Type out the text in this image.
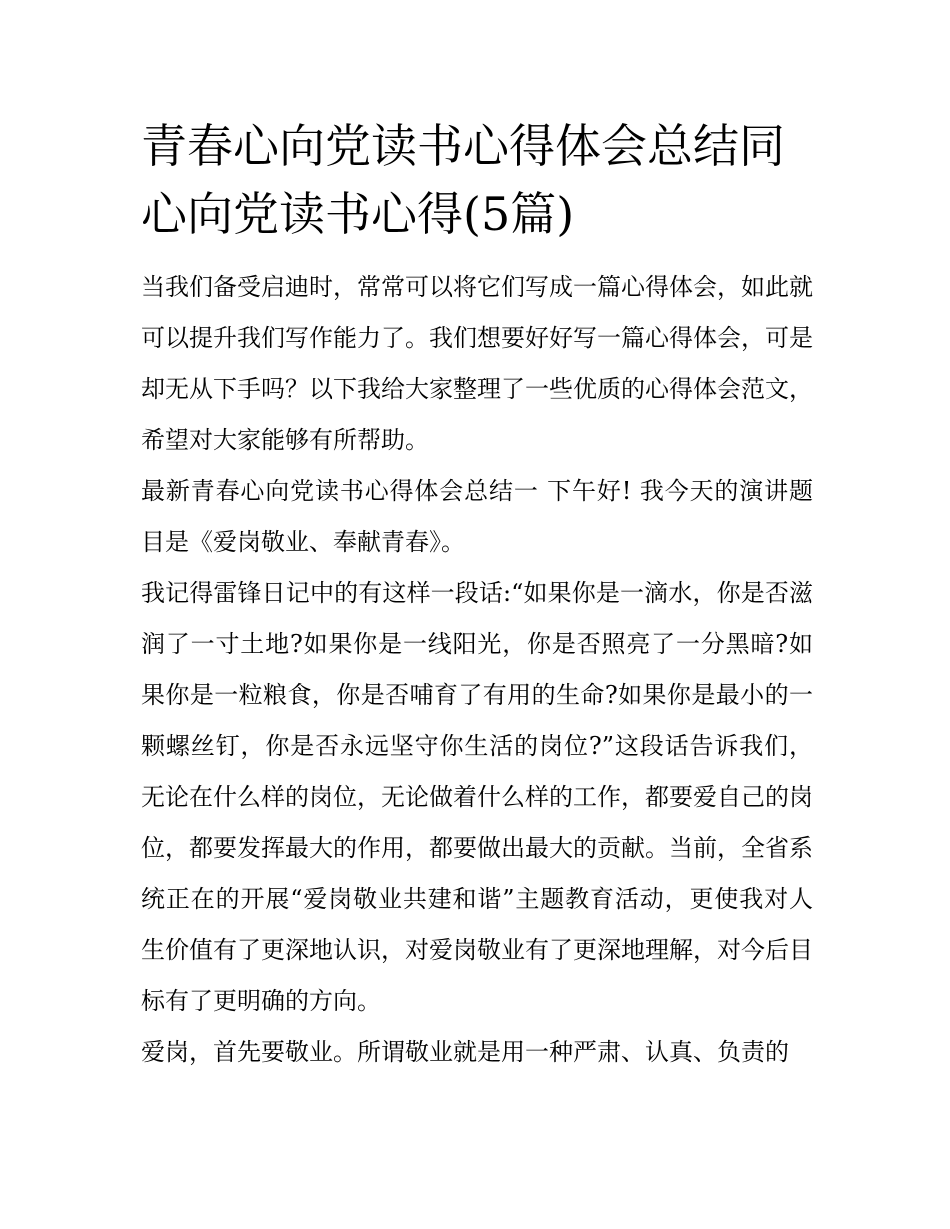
青春心向党读书心得体会总结同心向党读书心得(5篇)

当我们备受启迪时，常常可以将它们写成一篇心得体会，如此就可以提升我们写作能力了。我们想要好好写一篇心得体会，可是却无从下手吗？以下我给大家整理了一些优质的心得体会范文，希望对大家能够有所帮助。

最新青春心向党读书心得体会总结一 下午好! 我今天的演讲题目是《爱岗敬业、奉献青春》。

我记得雷锋日记中的有这样一段话:“如果你是一滴水，你是否滋润了一寸土地?如果你是一线阳光，你是否照亮了一分黑暗?如果你是一粒粮食，你是否哺育了有用的生命?如果你是最小的一颗螺丝钉，你是否永远坚守你生活的岗位?”这段话告诉我们，无论在什么样的岗位，无论做着什么样的工作，都要爱自己的岗位，都要发挥最大的作用，都要做出最大的贡献。当前，全省系统正在的开展“爱岗敬业共建和谐”主题教育活动，更使我对人生价值有了更深地认识，对爱岗敬业有了更深地理解，对今后目标有了更明确的方向。

爱岗，首先要敬业。所谓敬业就是用一种严肃、认真、负责的
